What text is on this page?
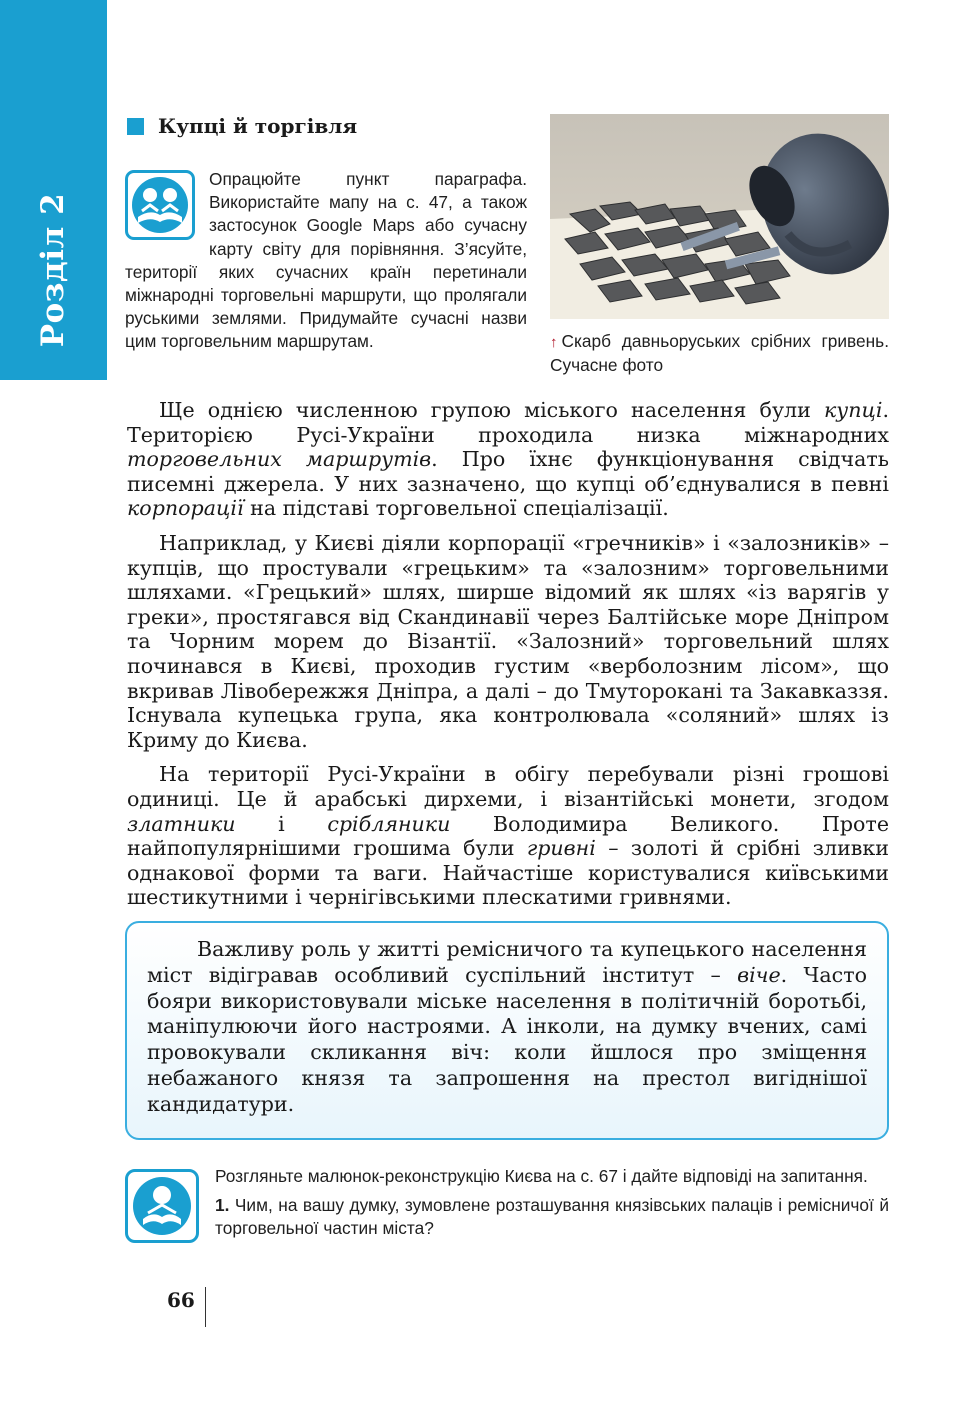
Розділ 2
Купці й торгівля
Опрацюйте пункт параграфа. Використайте мапу на с. 47, а також застосунок Google Maps або сучасну карту світу для порівняння. З’ясуйте, території яких сучасних країн перетинали міжнародні торговельні маршрути, що пролягали руськими землями. Придумайте сучасні назви цим торговельним маршрутам.	↑ Скарб давньоруських срібних гривень. Сучасне фото

Ще однією численною групою міського населення були купці. Територією Русі-України проходила низка міжнародних торговельних маршрутів. Про їхнє функціонування свідчать писемні джерела. У них зазначено, що купці об’єднувалися в певні корпорації на підставі торговельної спеціалізації.

Наприклад, у Києві діяли корпорації «гречників» і «залозників» – купців, що простували «грецьким» та «залозним» торговельними шляхами. «Грецький» шлях, ширше відомий як шлях «із варягів у греки», простягався від Скандинавії через Балтійське море Дніпром та Чорним морем до Візантії. «Залозний» торговельний шлях починався в Києві, проходив густим «верболозним лісом», що вкривав Лівобережжя Дніпра, а далі – до Тмуторокані та Закавказзя. Існувала купецька група, яка контролювала «соляний» шлях із Криму до Києва.

На території Русі-України в обігу перебували різні грошові одиниці. Це й арабські дирхеми, і візантійські монети, згодом златники і срібляники Володимира Великого. Проте найпопулярнішими грошима були гривні – золоті й срібні зливки однакової форми та ваги. Найчастіше користувалися київськими шестикутними і чернігівськими плескатими гривнями.

Важливу роль у житті ремісничого та купецького населення міст відігравав особливий суспільний інститут – віче. Часто бояри використовували міське населення в політичній боротьбі, маніпулюючи його настроями. А інколи, на думку вчених, самі провокували скликання віч: коли йшлося про зміщення небажаного князя та запрошення на престол вигіднішої кандидатури.

Розгляньте малюнок-реконструкцію Києва на с. 67 і дайте відповіді на запитання.

1. Чим, на вашу думку, зумовлене розташування князівських палаців і ремісничої й торговельної частин міста?

66
